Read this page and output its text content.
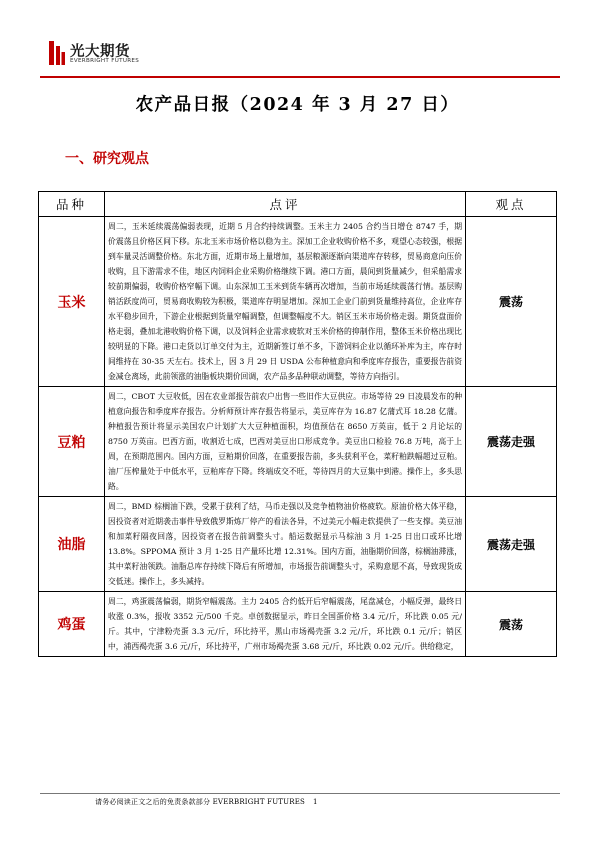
光大期货
EVERBRIGHT FUTURES
农产品日报（2024 年 3 月 27 日）
一、研究观点
品种	点评	观点
玉米	周二，玉米延续震荡偏弱表现，近期 5 月合约持续调整。玉米主力 2405 合约当日增仓 8747 手，期价震荡且价格区间下移。东北玉米市场价格以稳为主。深加工企业收购价格不多，观望心态较强，根据到车量灵活调整价格。东北方面，近期市场上量增加，基层粮源逐渐向渠道库存转移，贸易商意向压价收购，且下游需求不佳，地区内饲料企业采购价格继续下调。港口方面，晨间到货量减少，但采船需求较前期偏弱，收购价格窄幅下调。山东深加工玉米到货车辆再次增加，当前市场延续震荡行情。基层购销活跃度尚可，贸易商收购较为积极，渠道库存明显增加。深加工企业门前到货量维持高位，企业库存水平稳步回升，下游企业根据到货量窄幅调整，但调整幅度不大。销区玉米市场价格走弱。期货盘面价格走弱，叠加北港收购价格下调，以及饲料企业需求疲软对玉米价格的抑制作用，整体玉米价格出现比较明显的下降。港口走货以订单交付为主，近期新签订单不多，下游饲料企业以循环补库为主，库存时间维持在 30-35 天左右。技术上，因 3 月 29 日 USDA 公布种植意向和季度库存报告，重要报告前资金减仓离场，此前领涨的油脂板块期价回调，农产品多品种联动调整，等待方向指引。	震荡
豆粕	周二，CBOT 大豆收低，因在农业部报告前农户出售一些旧作大豆供应。市场等待 29 日凌晨发布的种植意向报告和季度库存报告。分析师预计库存报告将显示，美豆库存为 16.87 亿蒲式耳 18.28 亿蒲。种植报告预计将显示美国农户计划扩大大豆种植面积，均值预估在 8650 万英亩，低于 2 月论坛的 8750 万英亩。巴西方面，收割近七成，巴西对美豆出口形成竞争。美豆出口检验 76.8 万吨，高于上周，在预期范围内。国内方面，豆粕期价回落，在重要报告前，多头获利平仓，菜籽粕跌幅超过豆粕。油厂压榨量处于中低水平，豆粕库存下降。终端成交不旺，等待四月的大豆集中到港。操作上，多头思路。	震荡走强
油脂	周二，BMD 棕榈油下跌，受累于获利了结，马币走强以及竞争植物油价格疲软。原油价格大体平稳，因投资者对近期袭击事件导致俄罗斯炼厂停产的看法各异，不过美元小幅走软提供了一些支撑。美豆油和加菜籽隔夜回落，因投资者在报告前调整头寸。船运数据显示马棕油 3 月 1-25 日出口或环比增 13.8%。SPPOMA 预计 3 月 1-25 日产量环比增 12.31%。国内方面，油脂期价回落，棕榈油滞涨，其中菜籽油领跌。油脂总库存持续下降后有所增加，市场报告前调整头寸，采购意愿不高，导致现货成交低迷。操作上，多头减持。	震荡走强
鸡蛋	周二，鸡蛋震荡偏弱，期货窄幅震荡。主力 2405 合约低开后窄幅震荡，尾盘减仓，小幅反弹，最终日收涨 0.3%，报收 3352 元/500 千克。卓创数据显示，昨日全国蛋价格 3.4 元/斤，环比跌 0.05 元/斤。其中，宁津粉壳蛋 3.3 元/斤，环比持平，黑山市场褐壳蛋 3.2 元/斤，环比跌 0.1 元/斤；销区中，浦西褐壳蛋 3.6 元/斤，环比持平，广州市场褐壳蛋 3.68 元/斤，环比跌 0.02 元/斤。供给稳定，	震荡
请务必阅读正文之后的免责条款部分 EVERBRIGHT FUTURES 1
